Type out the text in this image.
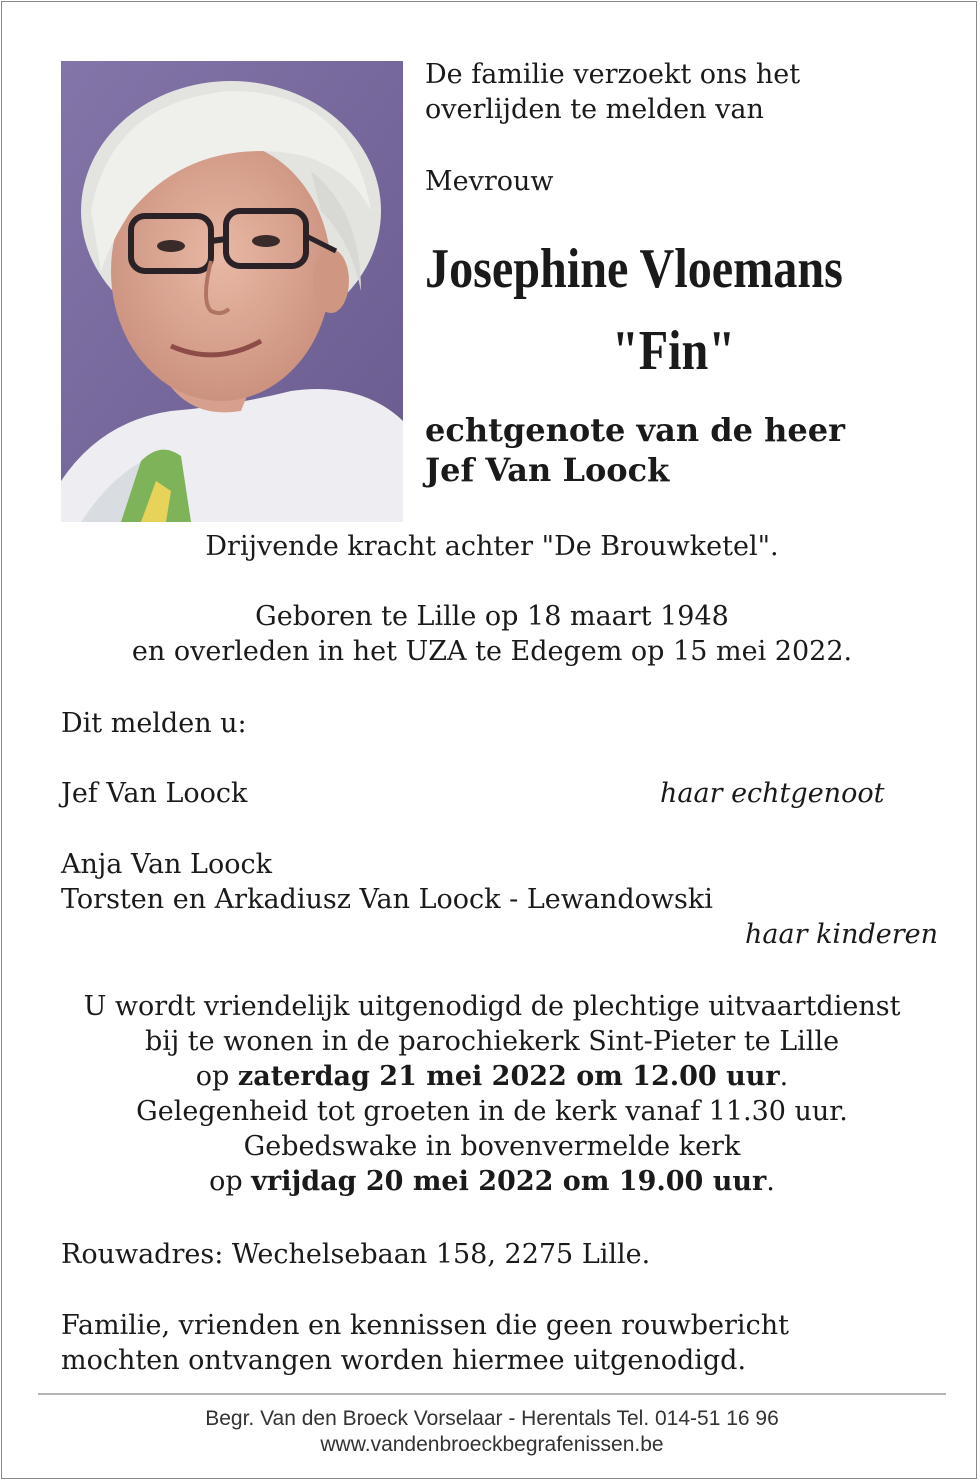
De familie verzoekt ons het
overlijden te melden van
Mevrouw
Josephine Vloemans
"Fin"
echtgenote van de heer
Jef Van Loock
Drijvende kracht achter "De Brouwketel".
Geboren te Lille op 18 maart 1948
en overleden in het UZA te Edegem op 15 mei 2022.
Dit melden u:
Jef Van Loock	haar echtgenoot
Anja Van Loock
Torsten en Arkadiusz Van Loock - Lewandowski
haar kinderen
U wordt vriendelijk uitgenodigd de plechtige uitvaartdienst
bij te wonen in de parochiekerk Sint-Pieter te Lille
op zaterdag 21 mei 2022 om 12.00 uur.
Gelegenheid tot groeten in de kerk vanaf 11.30 uur.
Gebedswake in bovenvermelde kerk
op vrijdag 20 mei 2022 om 19.00 uur.
Rouwadres: Wechelsebaan 158, 2275 Lille.
Familie, vrienden en kennissen die geen rouwbericht
mochten ontvangen worden hiermee uitgenodigd.
Begr. Van den Broeck Vorselaar - Herentals Tel. 014-51 16 96
www.vandenbroeckbegrafenissen.be
